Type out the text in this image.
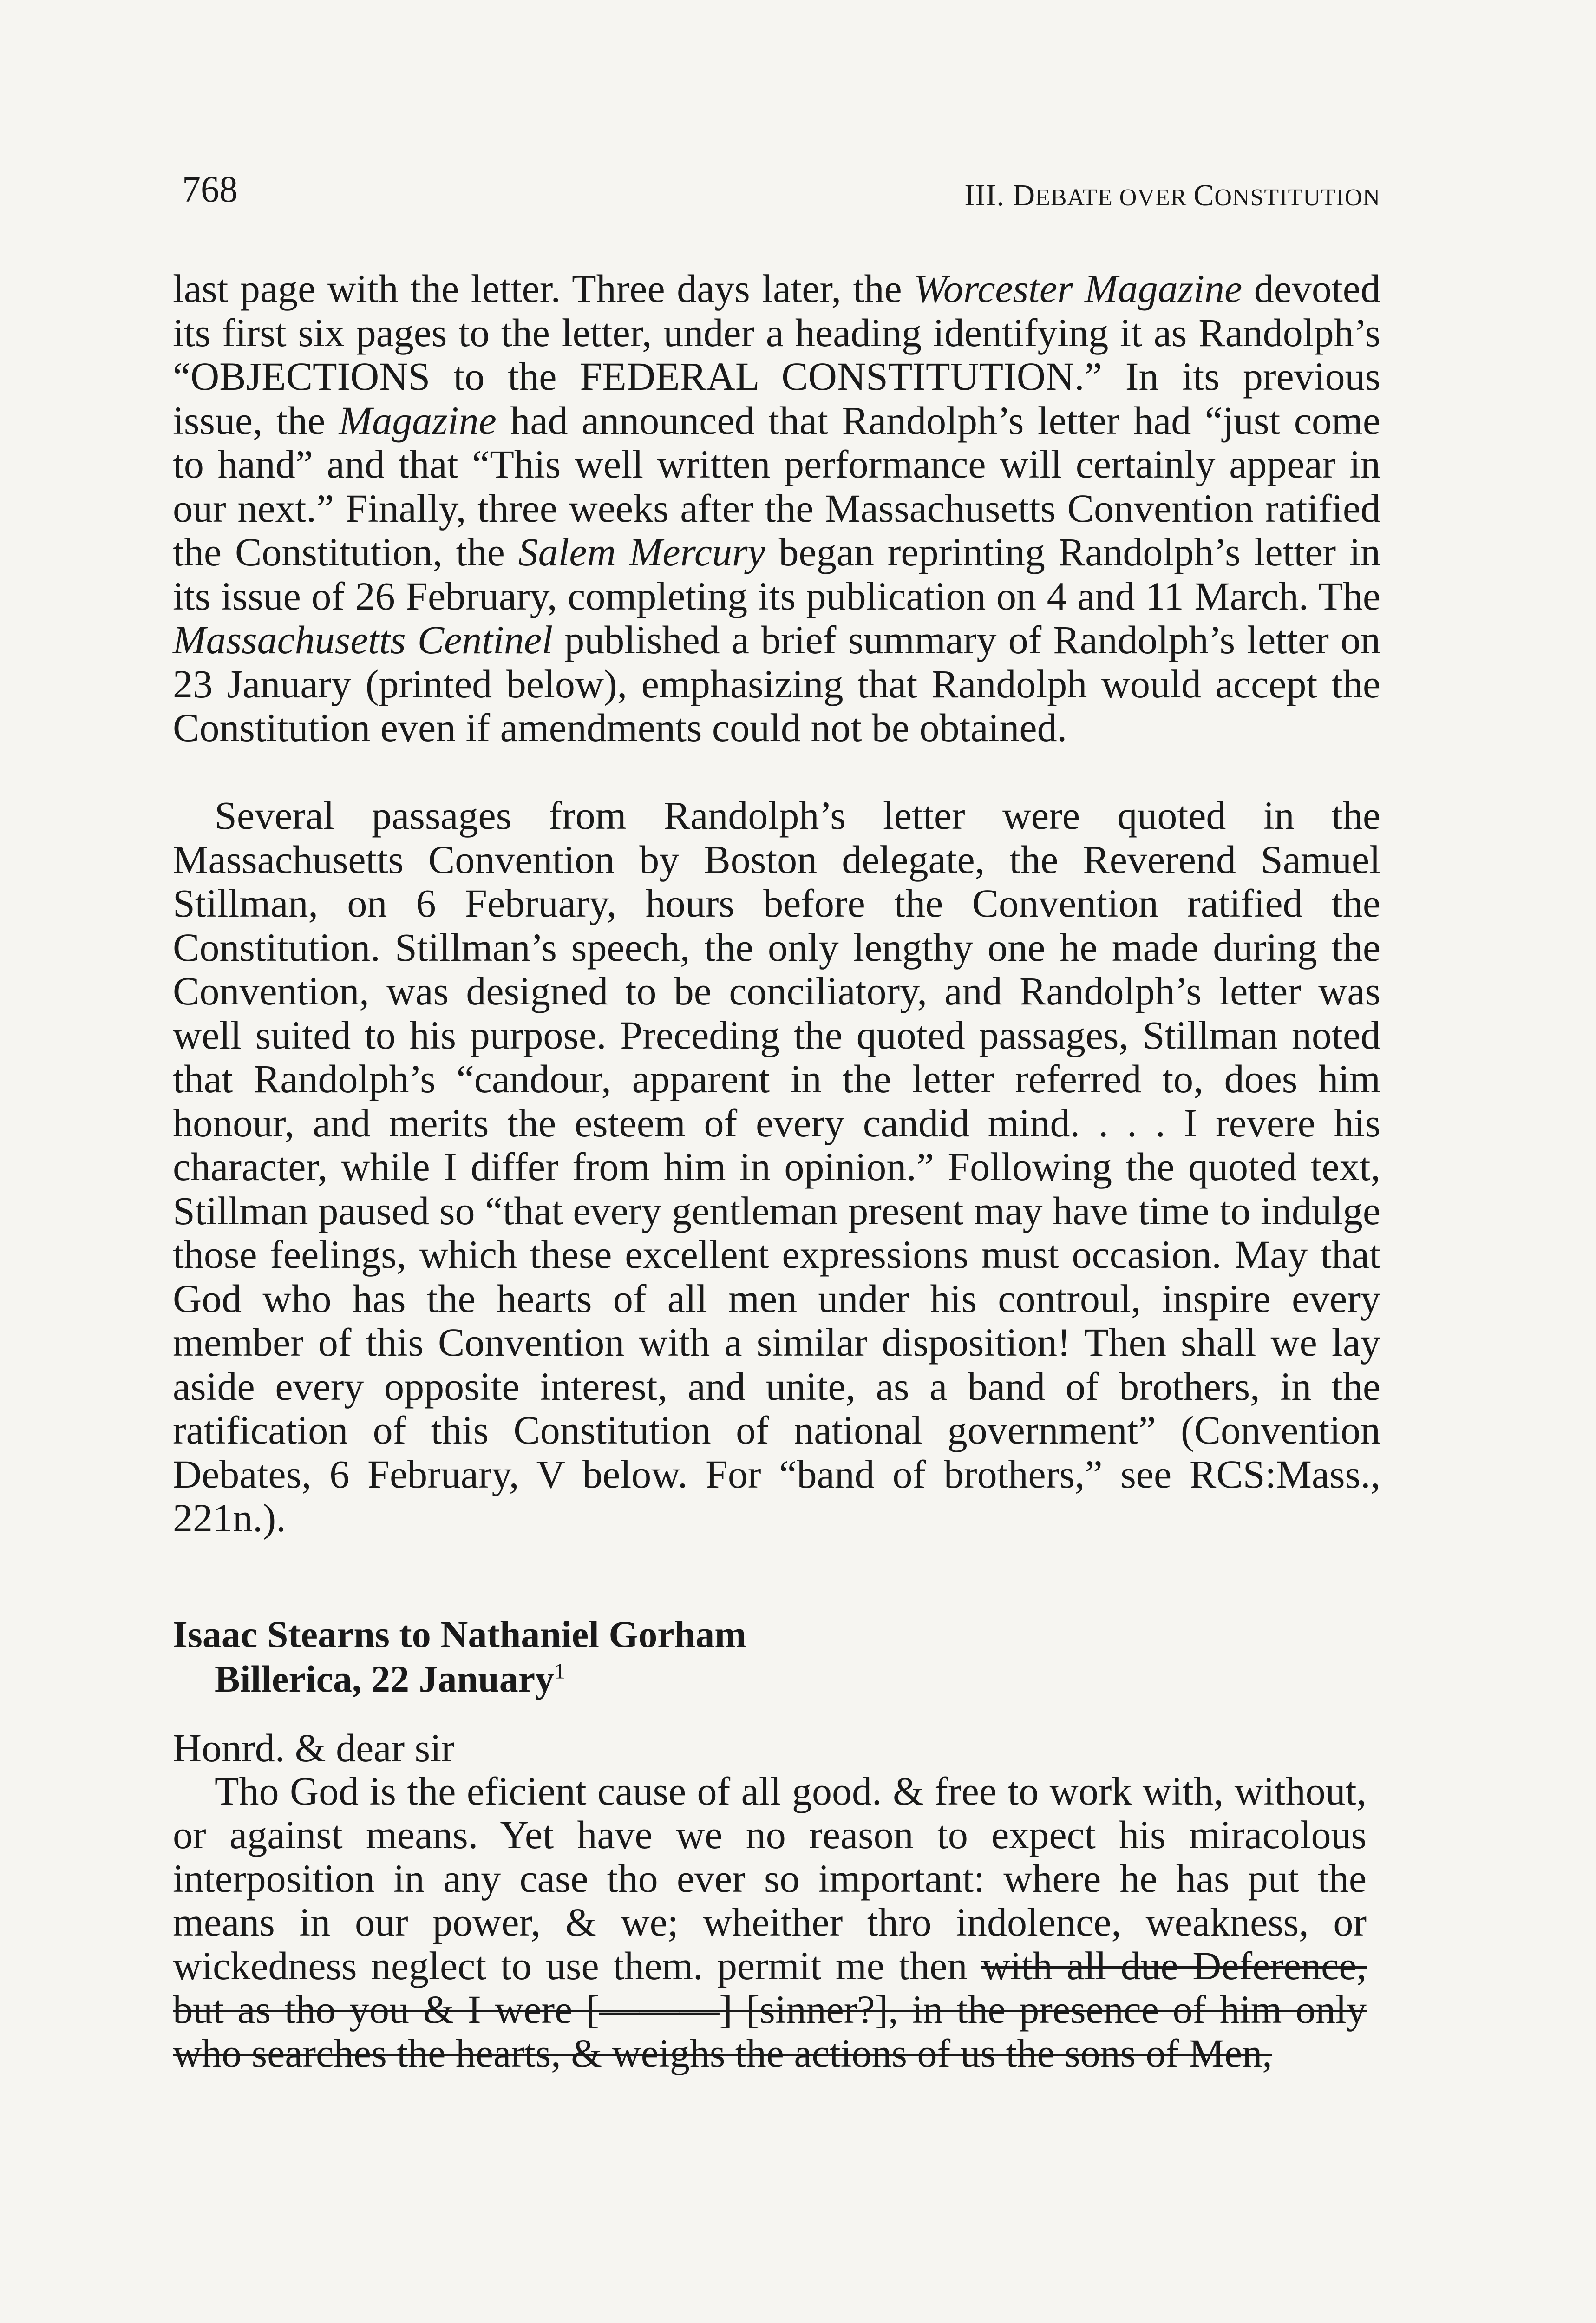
768	III. DEBATE OVER CONSTITUTION

last page with the letter. Three days later, the Worcester Magazine devoted its first six pages to the letter, under a heading identifying it as Randolph’s “OBJECTIONS to the FEDERAL CONSTITUTION.” In its previous issue, the Magazine had announced that Randolph’s letter had “just come to hand” and that “This well written performance will certainly appear in our next.” Finally, three weeks after the Massachusetts Convention ratified the Constitution, the Salem Mercury began reprinting Randolph’s letter in its issue of 26 February, completing its publication on 4 and 11 March. The Massachusetts Centinel published a brief summary of Randolph’s letter on 23 January (printed below), emphasizing that Randolph would accept the Constitution even if amendments could not be obtained.

Several passages from Randolph’s letter were quoted in the Massachusetts Convention by Boston delegate, the Reverend Samuel Stillman, on 6 February, hours before the Convention ratified the Constitution. Stillman’s speech, the only lengthy one he made during the Convention, was designed to be conciliatory, and Randolph’s letter was well suited to his purpose. Preceding the quoted passages, Stillman noted that Randolph’s “candour, apparent in the letter referred to, does him honour, and merits the esteem of every candid mind. . . . I revere his character, while I differ from him in opinion.” Following the quoted text, Stillman paused so “that every gentleman present may have time to indulge those feelings, which these excellent expressions must occasion. May that God who has the hearts of all men under his controul, inspire every member of this Convention with a similar disposition! Then shall we lay aside every opposite interest, and unite, as a band of brothers, in the ratification of this Constitution of national government” (Convention Debates, 6 February, V below. For “band of brothers,” see RCS:Mass., 221n.).

Isaac Stearns to Nathaniel Gorham
Billerica, 22 January$^1$
Honrd. & dear sir

Tho God is the eficient cause of all good. & free to work with, without, or against means. Yet have we no reason to expect his miracolous interposition in any case tho ever so important: where he has put the means in our power, & we; wheither thro indolence, weakness, or wickedness neglect to use them. permit me then with all due Deference, but as tho you & I were [———] [sinner?], in the presence of him only who searches the hearts, & weighs the actions of us the sons of Men,
